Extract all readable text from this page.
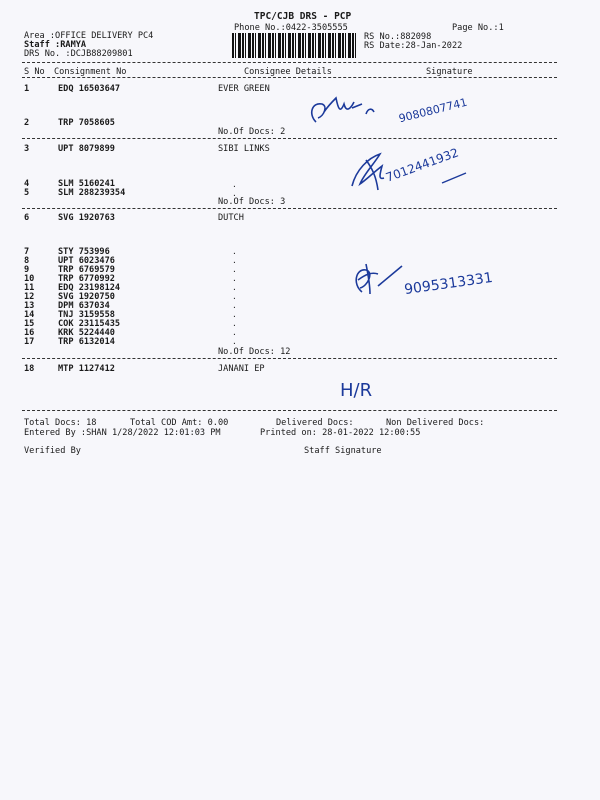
TPC/CJB DRS - PCP
Phone No.:0422-3505555	Page No.:1
Area :OFFICE DELIVERY PC4
Staff :RAMYA
DRS No. :DCJB88209801
RS No.:882098
RS Date:28-Jan-2022
S No Consignment No	Consignee Details	Signature
1	EDQ 16503647	EVER GREEN
2	TRP 7058605
No.Of Docs: 2
3	UPT 8079899	SIBI LINKS
4	SLM 5160241	.
5	SLM 288239354	.
No.Of Docs: 3
6	SVG 1920763	DUTCH
7	STY 753996
8	UPT 6023476
9	TRP 6769579
10	TRP 6770992
11	EDQ 23198124
12	SVG 1920750
13	DPM 637034
14	TNJ 3159558
15	COK 23115435
16	KRK 5224440
17	TRP 6132014
.
.
.
.
.
.
.
.
.
.
.
No.Of Docs: 12
18	MTP 1127412	JANANI EP
Total Docs: 18	Total COD Amt: 0.00	Delivered Docs:	Non Delivered Docs:
Entered By :SHAN 1/28/2022 12:01:03 PM	Printed on: 28-01-2022 12:00:55
Verified By	Staff Signature
9080807741
7012441932
9095313331
H/R
